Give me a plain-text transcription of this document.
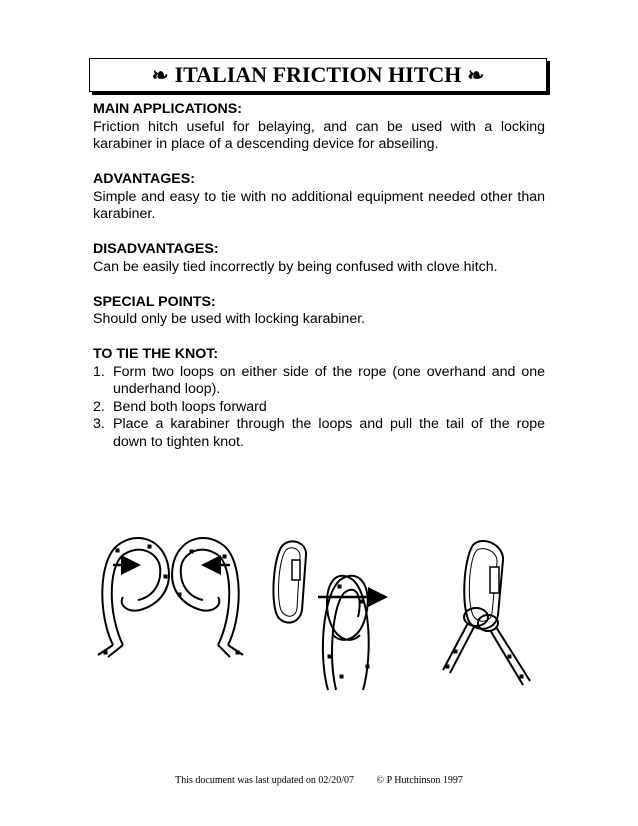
❧ ITALIAN FRICTION HITCH ❧
MAIN APPLICATIONS:
Friction hitch useful for belaying, and can be used with a locking karabiner in place of a descending device for abseiling.
ADVANTAGES:
Simple and easy to tie with no additional equipment needed other than karabiner.
DISADVANTAGES:
Can be easily tied incorrectly by being confused with clove hitch.
SPECIAL POINTS:
Should only be used with locking karabiner.
TO TIE THE KNOT:
1. Form two loops on either side of the rope (one overhand and one underhand loop).
2. Bend both loops forward
3. Place a karabiner through the loops and pull the tail of the rope down to tighten knot.
This document was last updated on 02/20/07 © P Hutchinson 1997
